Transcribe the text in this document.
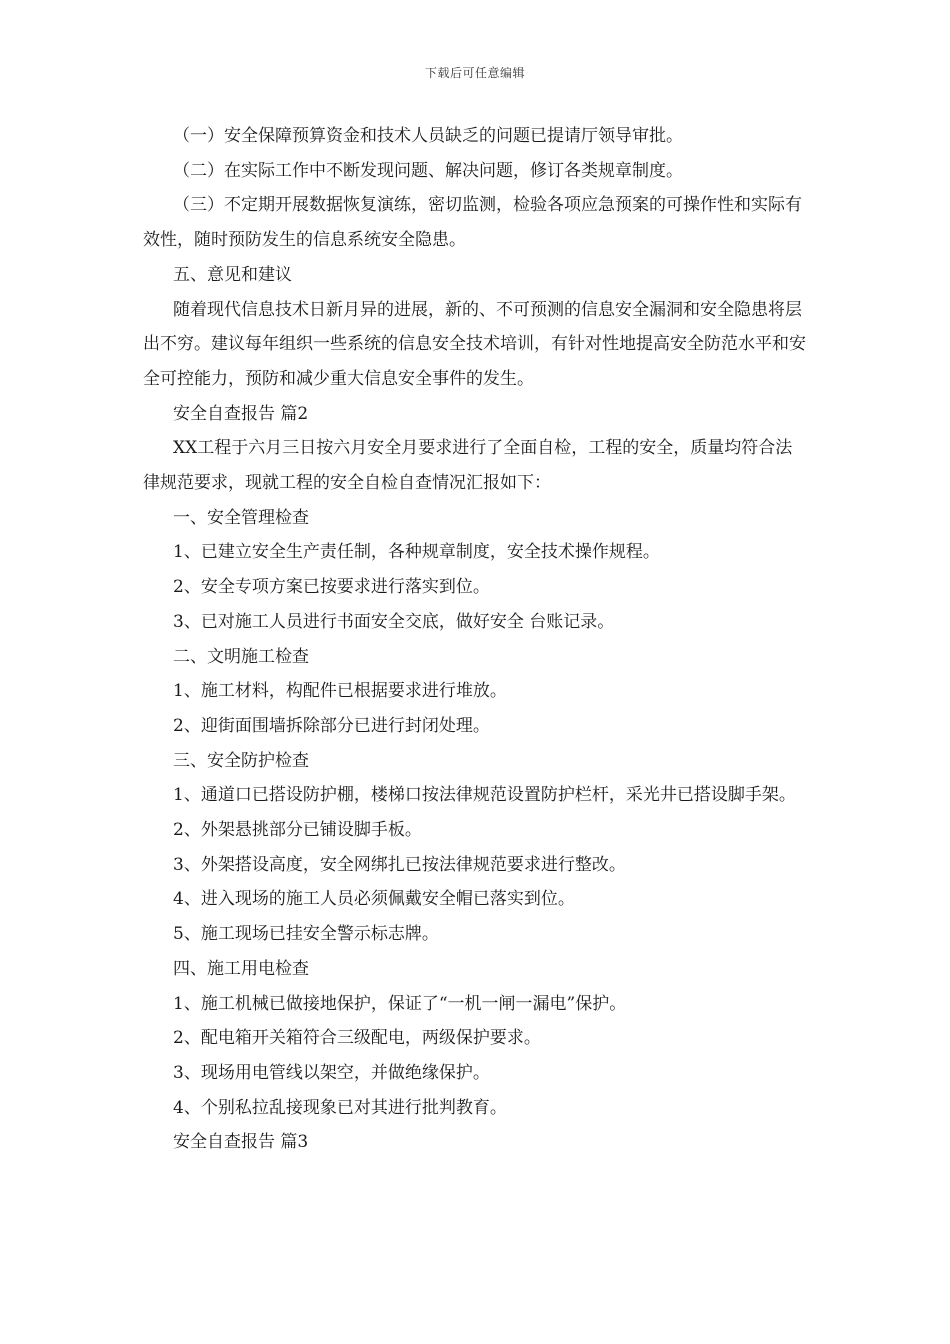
下载后可任意编辑

（一）安全保障预算资金和技术人员缺乏的问题已提请厅领导审批。

（二）在实际工作中不断发现问题、解决问题，修订各类规章制度。

（三）不定期开展数据恢复演练，密切监测，检验各项应急预案的可操作性和实际有效性，随时预防发生的信息系统安全隐患。

五、意见和建议

随着现代信息技术日新月异的进展，新的、不可预测的信息安全漏洞和安全隐患将层出不穷。建议每年组织一些系统的信息安全技术培训，有针对性地提高安全防范水平和安全可控能力，预防和减少重大信息安全事件的发生。

安全自查报告 篇2

XX工程于六月三日按六月安全月要求进行了全面自检，工程的安全，质量均符合法律规范要求，现就工程的安全自检自查情况汇报如下：

一、安全管理检查

1、已建立安全生产责任制，各种规章制度，安全技术操作规程。

2、安全专项方案已按要求进行落实到位。

3、已对施工人员进行书面安全交底，做好安全 台账记录。

二、文明施工检查

1、施工材料，构配件已根据要求进行堆放。

2、迎街面围墙拆除部分已进行封闭处理。

三、安全防护检查

1、通道口已搭设防护棚，楼梯口按法律规范设置防护栏杆，采光井已搭设脚手架。

2、外架悬挑部分已铺设脚手板。

3、外架搭设高度，安全网绑扎已按法律规范要求进行整改。

4、进入现场的施工人员必须佩戴安全帽已落实到位。

5、施工现场已挂安全警示标志牌。

四、施工用电检查

1、施工机械已做接地保护，保证了“一机一闸一漏电”保护。

2、配电箱开关箱符合三级配电，两级保护要求。

3、现场用电管线以架空，并做绝缘保护。

4、个别私拉乱接现象已对其进行批判教育。

安全自查报告 篇3
